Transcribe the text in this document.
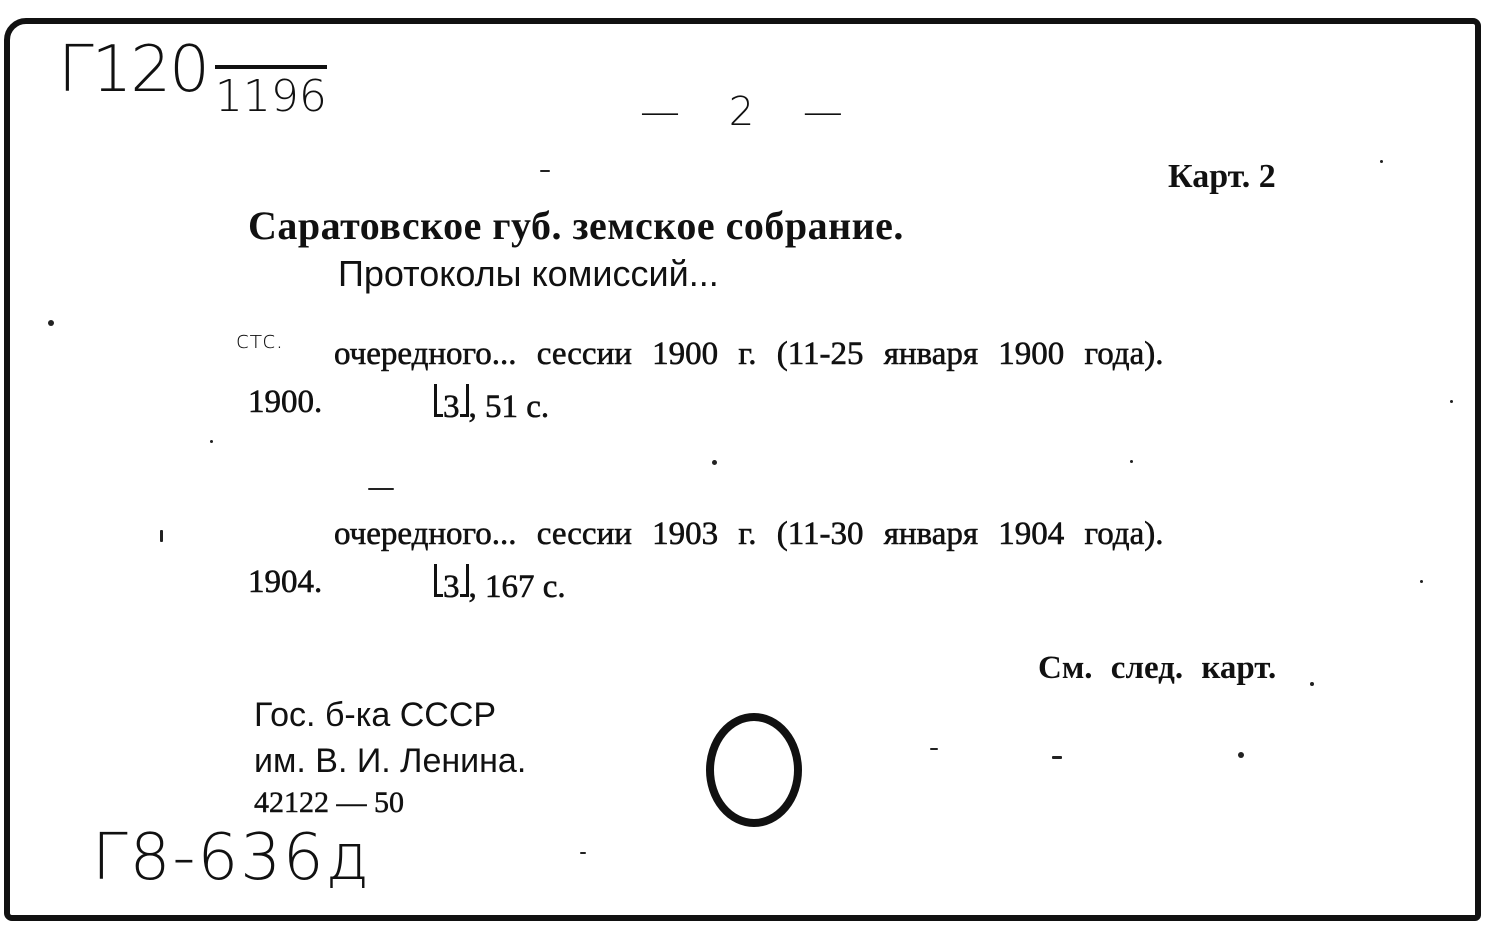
Г120 1196	— 2 —
Карт. 2
Саратовское губ. земское собрание.
Протоколы комиссий...
стс. очередного... сессии 1900 г. (11-25 января 1900 года).
1900.	3 , 51 с.
очередного... сессии 1903 г. (11-30 января 1904 года).
1904.	3 , 167 с.
См. след. карт.
Гос. б-ка СССР
им. В. И. Ленина.
42122 — 50
Г8-636д
